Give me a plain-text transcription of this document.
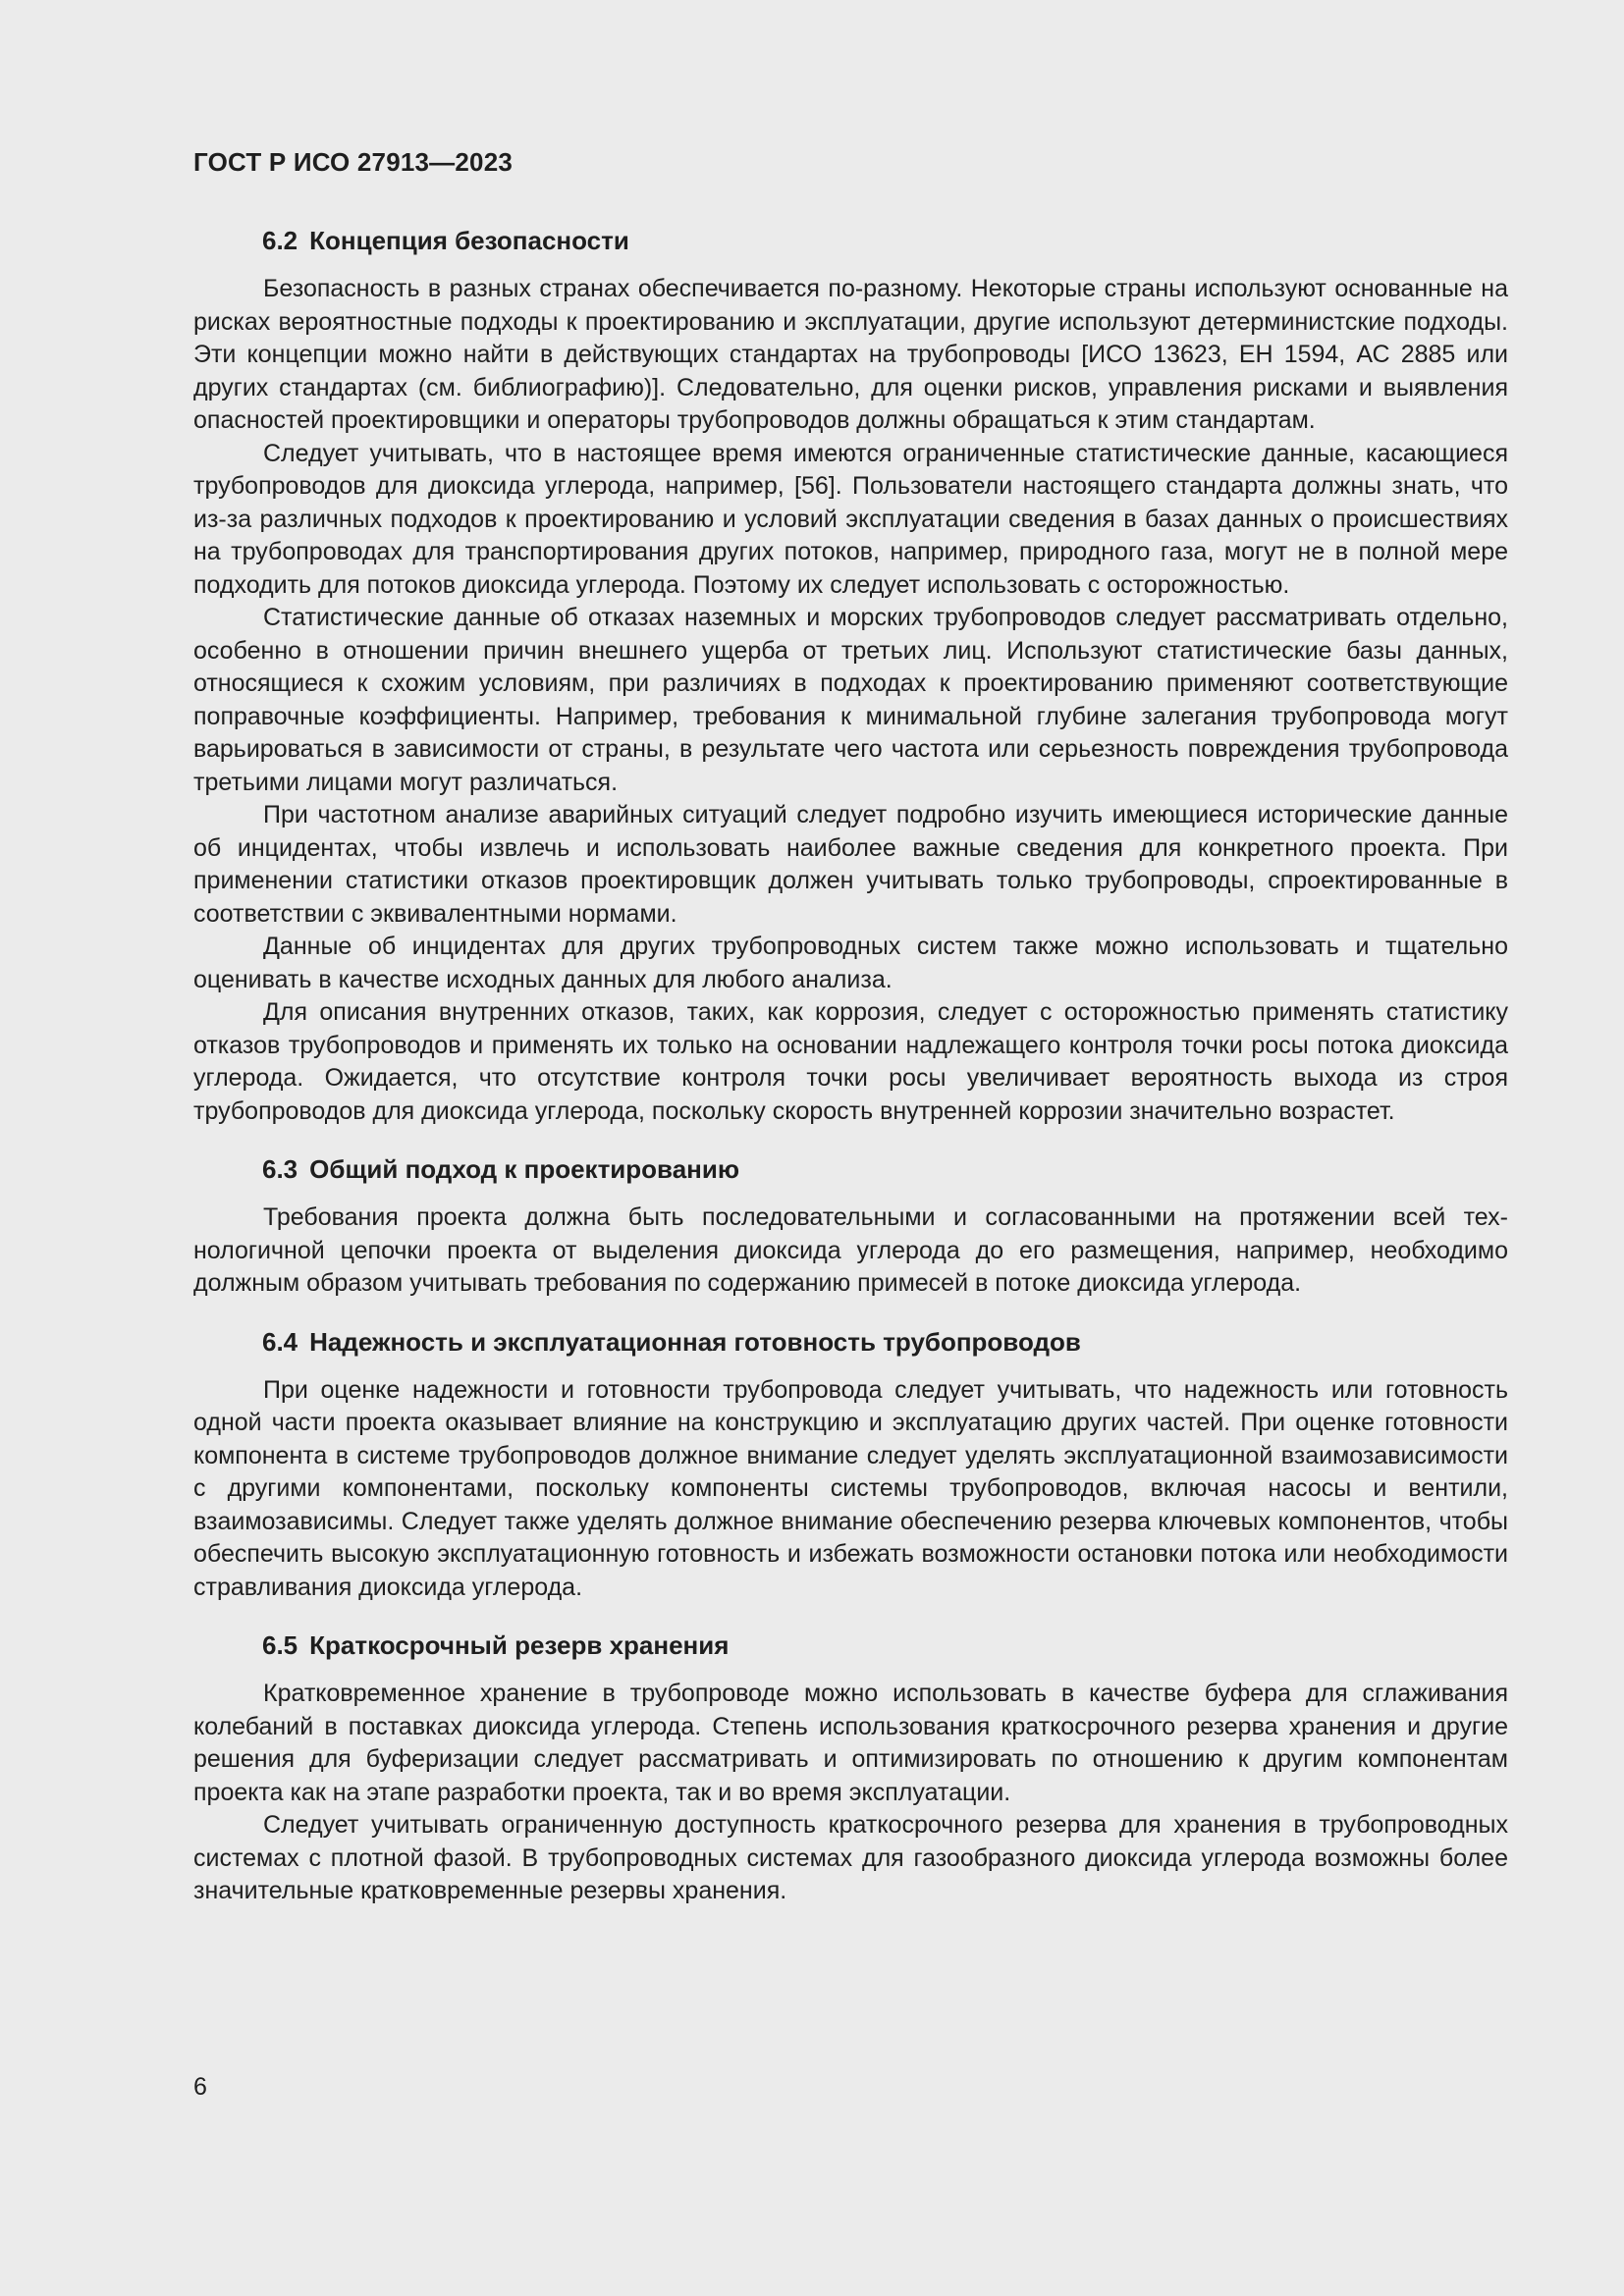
ГОСТ Р ИСО 27913—2023
6.2 Концепция безопасности

Безопасность в разных странах обеспечивается по-разному. Некоторые страны используют основанные на рисках вероятностные подходы к проектированию и эксплуатации, другие используют детерминистские подходы. Эти концепции можно найти в действующих стандартах на трубопроводы [ИСО 13623, ЕН 1594, АС 2885 или других стандартах (см. библиографию)]. Следовательно, для оценки рисков, управления рисками и выявления опасностей проектировщики и операторы трубопроводов должны обращаться к этим стандартам.

Следует учитывать, что в настоящее время имеются ограниченные статистические данные, касающиеся трубопроводов для диоксида углерода, например, [56]. Пользователи настоящего стандарта должны знать, что из-за различных подходов к проектированию и условий эксплуатации сведения в базах данных о происшествиях на трубопроводах для транспортирования других потоков, например, природного газа, могут не в полной мере подходить для потоков диоксида углерода. Поэтому их следует использовать с осторожностью.

Статистические данные об отказах наземных и морских трубопроводов следует рассматривать отдельно, особенно в отношении причин внешнего ущерба от третьих лиц. Используют статистические базы данных, относящиеся к схожим условиям, при различиях в подходах к проектированию применяют соответствующие поправочные коэффициенты. Например, требования к минимальной глубине залегания трубопровода могут варьироваться в зависимости от страны, в результате чего частота или серьезность повреждения трубопровода третьими лицами могут различаться.

При частотном анализе аварийных ситуаций следует подробно изучить имеющиеся исторические данные об инцидентах, чтобы извлечь и использовать наиболее важные сведения для конкретного проекта. При применении статистики отказов проектировщик должен учитывать только трубопроводы, спроектированные в соответствии с эквивалентными нормами.

Данные об инцидентах для других трубопроводных систем также можно использовать и тщательно оценивать в качестве исходных данных для любого анализа.

Для описания внутренних отказов, таких, как коррозия, следует с осторожностью применять статистику отказов трубопроводов и применять их только на основании надлежащего контроля точки росы потока диоксида углерода. Ожидается, что отсутствие контроля точки росы увеличивает вероятность выхода из строя трубопроводов для диоксида углерода, поскольку скорость внутренней коррозии значительно возрастет.

6.3 Общий подход к проектированию

Требования проекта должна быть последовательными и согласованными на протяжении всей технологичной цепочки проекта от выделения диоксида углерода до его размещения, например, необходимо должным образом учитывать требования по содержанию примесей в потоке диоксида углерода.

6.4 Надежность и эксплуатационная готовность трубопроводов

При оценке надежности и готовности трубопровода следует учитывать, что надежность или готовность одной части проекта оказывает влияние на конструкцию и эксплуатацию других частей. При оценке готовности компонента в системе трубопроводов должное внимание следует уделять эксплуатационной взаимозависимости с другими компонентами, поскольку компоненты системы трубопроводов, включая насосы и вентили, взаимозависимы. Следует также уделять должное внимание обеспечению резерва ключевых компонентов, чтобы обеспечить высокую эксплуатационную готовность и избежать возможности остановки потока или необходимости стравливания диоксида углерода.

6.5 Краткосрочный резерв хранения

Кратковременное хранение в трубопроводе можно использовать в качестве буфера для сглаживания колебаний в поставках диоксида углерода. Степень использования краткосрочного резерва хранения и другие решения для буферизации следует рассматривать и оптимизировать по отношению к другим компонентам проекта как на этапе разработки проекта, так и во время эксплуатации.

Следует учитывать ограниченную доступность краткосрочного резерва для хранения в трубопроводных системах с плотной фазой. В трубопроводных системах для газообразного диоксида углерода возможны более значительные кратковременные резервы хранения.

6
